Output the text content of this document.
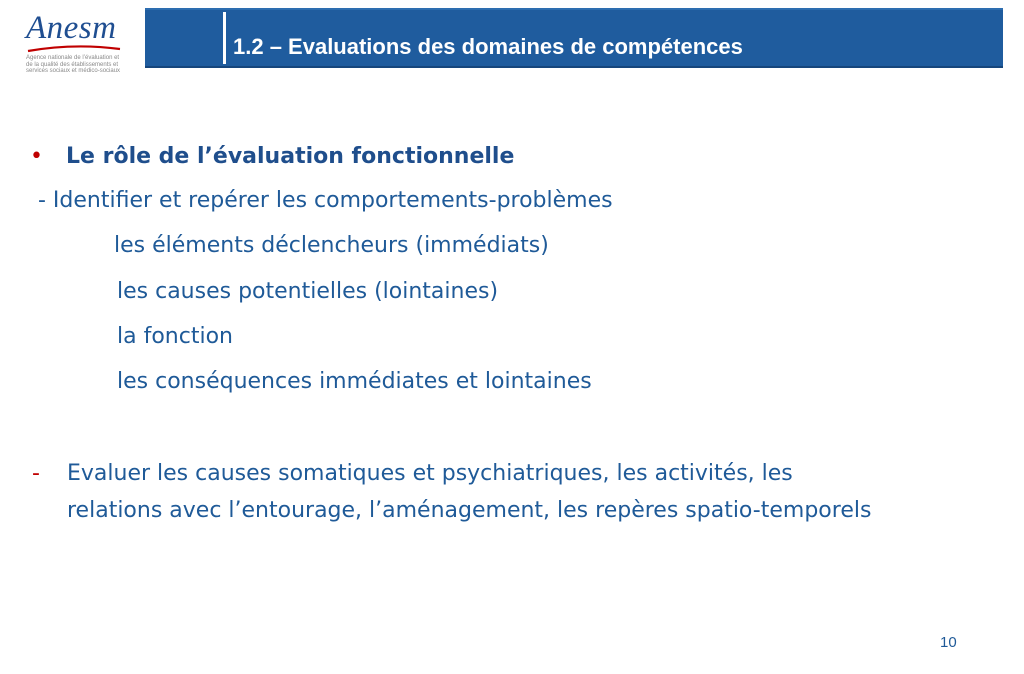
Anesm
Agence nationale de l’évaluation et de la qualité des établissements et services sociaux et médico-sociaux
1.2 – Evaluations des domaines de compétences
• Le rôle de l’évaluation fonctionnelle
- Identifier et repérer les comportements-problèmes
les éléments déclencheurs (immédiats)
les causes potentielles (lointaines)
la fonction
les conséquences immédiates et lointaines
- Evaluer les causes somatiques et psychiatriques, les activités, les
relations avec l’entourage, l’aménagement, les repères spatio-temporels
10
